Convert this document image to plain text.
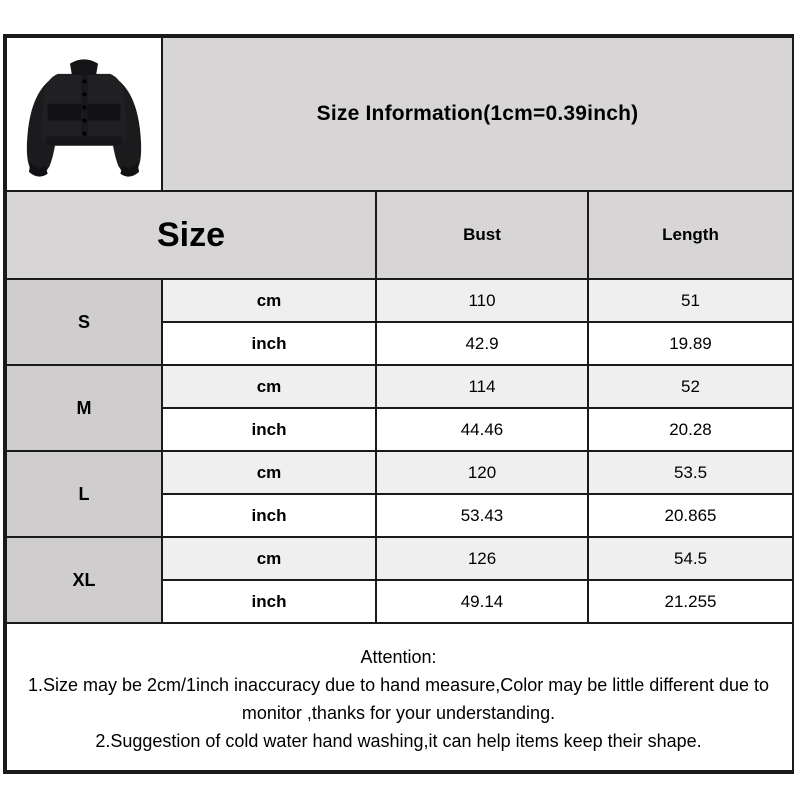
	Size Information(1cm=0.39inch)		
Size		Bust	Length
S	cm	110	51
	inch	42.9	19.89
M	cm	114	52
	inch	44.46	20.28
L	cm	120	53.5
	inch	53.43	20.865
XL	cm	126	54.5
	inch	49.14	21.255

Attention:
1.Size may be 2cm/1inch inaccuracy due to hand measure,Color may be little different due to
monitor ,thanks for your understanding.
2.Suggestion of cold water hand washing,it can help items keep their shape.			
